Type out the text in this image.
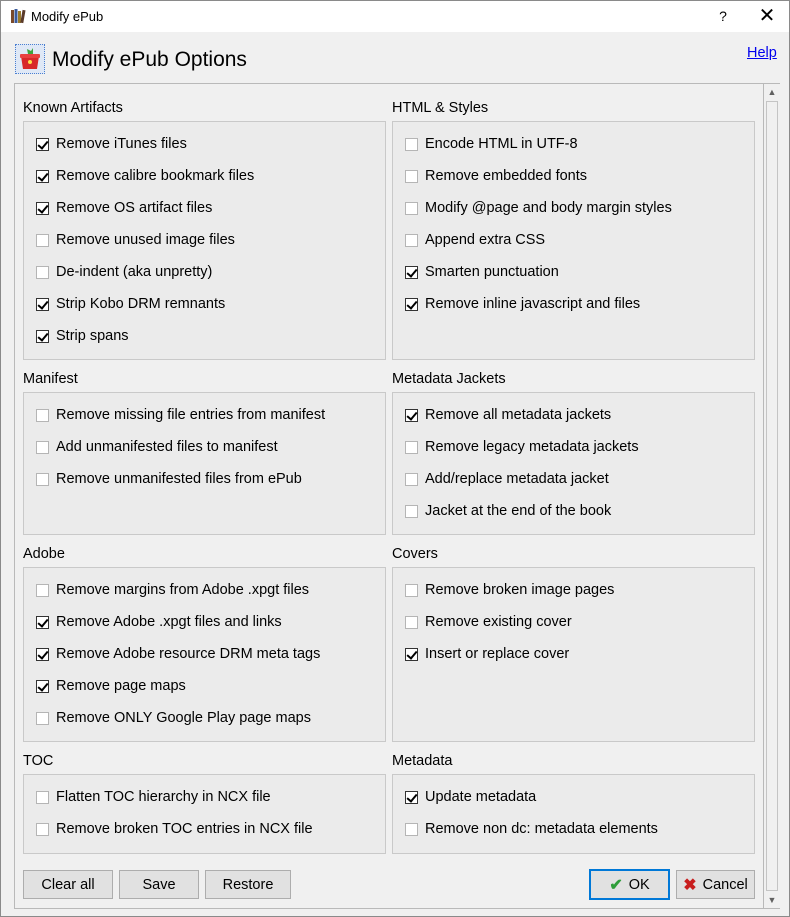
Modify ePub	?	✕
Modify ePub Options	Help
▲
▼
Known Artifacts	HTML & Styles
Manifest	Metadata Jackets
Adobe	Covers
TOC	Metadata
Remove iTunes files
Remove calibre bookmark files
Remove OS artifact files
Remove unused image files
De-indent (aka unpretty)
Strip Kobo DRM remnants
Strip spans
Encode HTML in UTF-8
Remove embedded fonts
Modify @page and body margin styles
Append extra CSS
Smarten punctuation
Remove inline javascript and files
Remove missing file entries from manifest
Add unmanifested files to manifest
Remove unmanifested files from ePub
Remove all metadata jackets
Remove legacy metadata jackets
Add/replace metadata jacket
Jacket at the end of the book
Remove margins from Adobe .xpgt files
Remove Adobe .xpgt files and links
Remove Adobe resource DRM meta tags
Remove page maps
Remove ONLY Google Play page maps
Remove broken image pages
Remove existing cover
Insert or replace cover
Flatten TOC hierarchy in NCX file
Remove broken TOC entries in NCX file
Update metadata
Remove non dc: metadata elements
Clear all	Save	Restore	✔ OK ✖ Cancel
